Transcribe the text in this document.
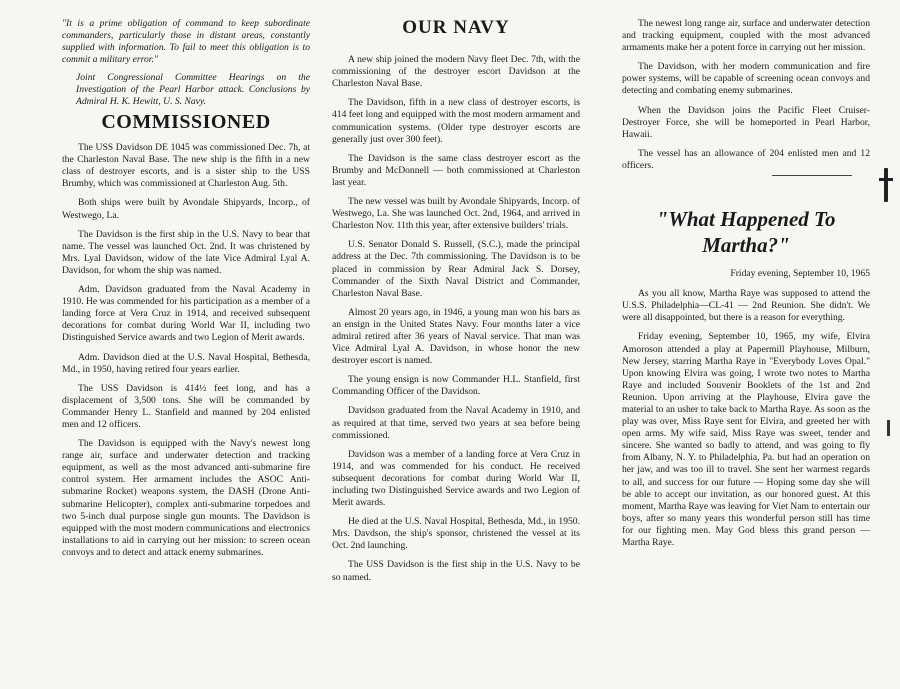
"It is a prime obligation of command to keep subordinate commanders, particularly those in distant areas, constantly supplied with information. To fail to meet this obligation is to commit a military error."

Joint Congressional Committee Hearings on the Investigation of the Pearl Harbor attack. Conclusions by Admiral H. K. Hewitt, U. S. Navy.

COMMISSIONED

The USS Davidson DE 1045 was commissioned Dec. 7h, at the Charleston Naval Base. The new ship is the fifth in a new class of destroyer escorts, and is a sister ship to the USS Brumby, which was commissioned at Charleston Aug. 5th.

Both ships were built by Avondale Shipyards, Incorp., of Westwego, La.

The Davidson is the first ship in the U.S. Navy to bear that name. The vessel was launched Oct. 2nd. It was christened by Mrs. Lyal Davidson, widow of the late Vice Admiral Lyal A. Davidson, for whom the ship was named.

Adm. Davidson graduated from the Naval Academy in 1910. He was commended for his participation as a member of a landing force at Vera Cruz in 1914, and received subsequent decorations for combat during World War II, including two Distinguished Service awards and two Legion of Merit awards.

Adm. Davidson died at the U.S. Naval Hospital, Bethesda, Md., in 1950, having retired four years earlier.

The USS Davidson is 414½ feet long, and has a displacement of 3,500 tons. She will be commanded by Commander Henry L. Stanfield and manned by 204 enlisted men and 12 officers.

The Davidson is equipped with the Navy's newest long range air, surface and underwater detection and tracking equipment, as well as the most advanced anti-submarine fire control system. Her armament includes the ASOC Anti-submarine Rocket) weapons system, the DASH (Drone Anti-submarine Helicopter), complex anti-submarine torpedoes and two 5-inch dual purpose single gun mounts. The Davidson is equipped with the most modern communications and electronics installations to aid in carrying out her mission: to screen ocean convoys and to detect and attack enemy submarines.

OUR NAVY

A new ship joined the modern Navy fleet Dec. 7th, with the commissioning of the destroyer escort Davidson at the Charleston Naval Base.

The Davidson, fifth in a new class of destroyer escorts, is 414 feet long and equipped with the most modern armament and communication systems. (Older type destroyer escorts are generally just over 300 feet).

The Davidson is the same class destroyer escort as the Brumby and McDonnell — both commissioned at Charleston last year.

The new vessel was built by Avondale Shipyards, Incorp. of Westwego, La. She was launched Oct. 2nd, 1964, and arrived in Charleston Nov. 11th this year, after extensive builders' trials.

U.S. Senator Donald S. Russell, (S.C.), made the principal address at the Dec. 7th commissioning. The Davidson is to be placed in commission by Rear Admiral Jack S. Dorsey, Commander of the Sixth Naval District and Commander, Charleston Naval Base.

Almost 20 years ago, in 1946, a young man won his bars as an ensign in the United States Navy. Four months later a vice admiral retired after 36 years of Naval service. That man was Vice Admiral Lyal A. Davidson, in whose honor the new destroyer escort is named.

The young ensign is now Commander H.L. Stanfield, first Commanding Officer of the Davidson.

Davidson graduated from the Naval Academy in 1910, and as required at that time, served two years at sea before being commissioned.

Davidson was a member of a landing force at Vera Cruz in 1914, and was commended for his conduct. He received subsequent decorations for combat during World War II, including two Distinguished Service awards and two Legion of Merit awards.

He died at the U.S. Naval Hospital, Bethesda, Md., in 1950. Mrs. Davdson, the ship's sponsor, christened the vessel at its Oct. 2nd launching.

The USS Davidson is the first ship in the U.S. Navy to be so named.

The newest long range air, surface and underwater detection and tracking equipment, coupled with the most advanced armaments make her a potent force in carrying out her mission.

The Davidson, with her modern communication and fire power systems, will be capable of screening ocean convoys and detecting and combating enemy submarines.

When the Davidson joins the Pacific Fleet Cruiser-Destroyer Force, she will be homeported in Pearl Harbor, Hawaii.

The vessel has an allowance of 204 enlisted men and 12 officers.

"What Happened To Martha?"

Friday evening, September 10, 1965

As you all know, Martha Raye was supposed to attend the U.S.S. Philadelphia—CL-41 — 2nd Reunion. She didn't. We were all disappointed, but there is a reason for everything.

Friday evening, September 10, 1965, my wife, Elvira Amoroson attended a play at Papermill Playhouse, Milburn, New Jersey, starring Martha Raye in "Everybody Loves Opal." Upon knowing Elvira was going, I wrote two notes to Martha Raye and included Souvenir Booklets of the 1st and 2nd Reunion. Upon arriving at the Playhouse, Elvira gave the material to an usher to take back to Martha Raye. As soon as the play was over, Miss Raye sent for Elvira, and greeted her with open arms. My wife said, Miss Raye was sweet, tender and sincere. She wanted so badly to attend, and was going to fly from Albany, N. Y. to Philadelphia, Pa. but had an operation on her jaw, and was too ill to travel. She sent her warmest regards to all, and success for our future — Hoping some day she will be able to accept our invitation, as our honored guest. At this moment, Martha Raye was leaving for Viet Nam to entertain our boys, after so many years this wonderful person still has time for our fighting men. May God bless this grand person — Martha Raye.
